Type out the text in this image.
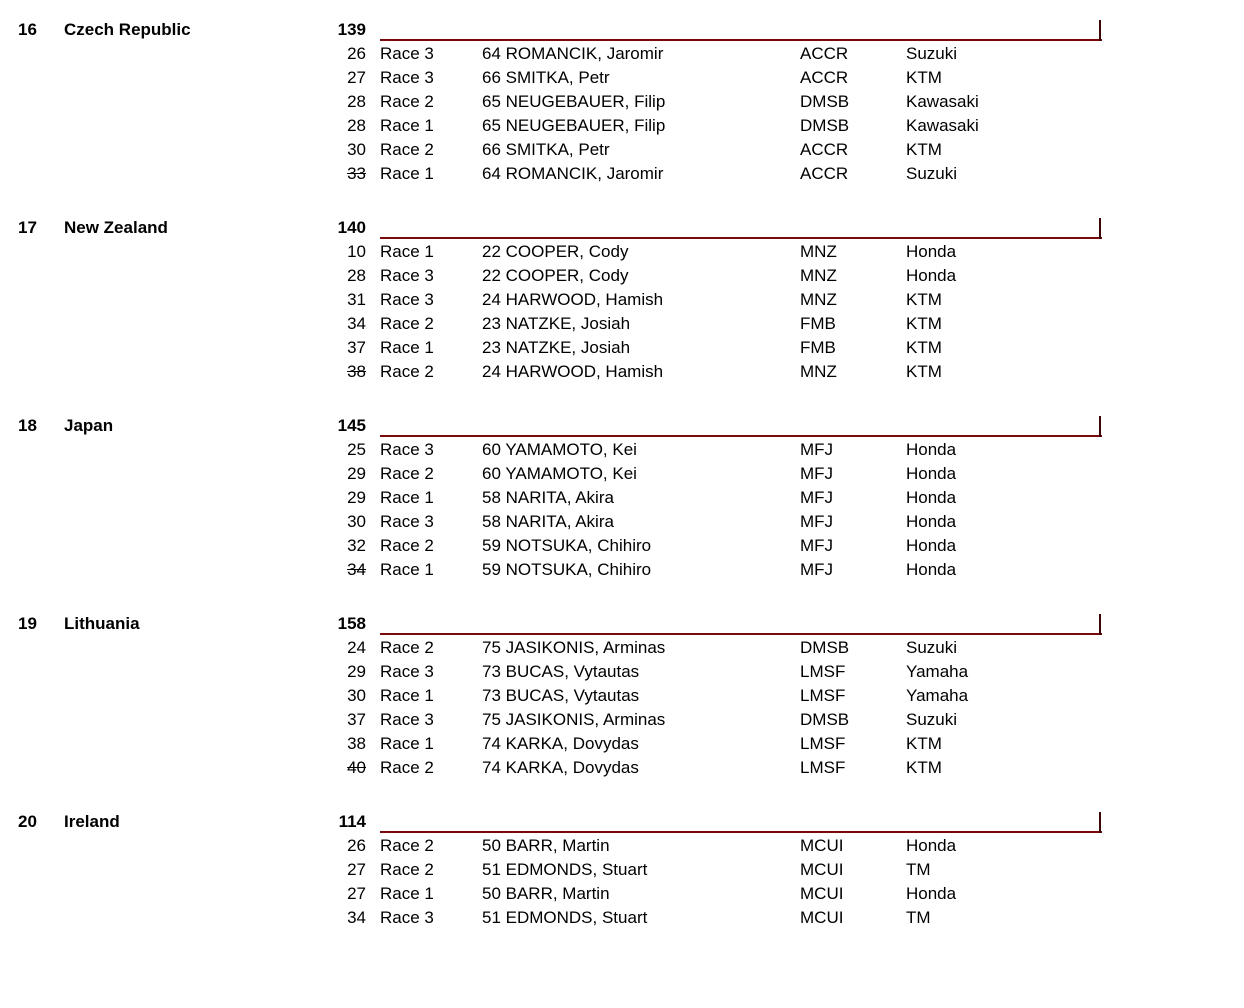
16 Czech Republic	139
26 Race 3	64 ROMANCIK, Jaromir	ACCR	Suzuki
27 Race 3	66 SMITKA, Petr	ACCR	KTM
28 Race 2	65 NEUGEBAUER, Filip	DMSB	Kawasaki
28 Race 1	65 NEUGEBAUER, Filip	DMSB	Kawasaki
30 Race 2	66 SMITKA, Petr	ACCR	KTM
33 Race 1	64 ROMANCIK, Jaromir	ACCR	Suzuki
17 New Zealand	140
10 Race 1	22 COOPER, Cody	MNZ	Honda
28 Race 3	22 COOPER, Cody	MNZ	Honda
31 Race 3	24 HARWOOD, Hamish	MNZ	KTM
34 Race 2	23 NATZKE, Josiah	FMB	KTM
37 Race 1	23 NATZKE, Josiah	FMB	KTM
38 Race 2	24 HARWOOD, Hamish	MNZ	KTM
18 Japan	145
25 Race 3	60 YAMAMOTO, Kei	MFJ	Honda
29 Race 2	60 YAMAMOTO, Kei	MFJ	Honda
29 Race 1	58 NARITA, Akira	MFJ	Honda
30 Race 3	58 NARITA, Akira	MFJ	Honda
32 Race 2	59 NOTSUKA, Chihiro	MFJ	Honda
34 Race 1	59 NOTSUKA, Chihiro	MFJ	Honda
19 Lithuania	158
24 Race 2	75 JASIKONIS, Arminas	DMSB	Suzuki
29 Race 3	73 BUCAS, Vytautas	LMSF	Yamaha
30 Race 1	73 BUCAS, Vytautas	LMSF	Yamaha
37 Race 3	75 JASIKONIS, Arminas	DMSB	Suzuki
38 Race 1	74 KARKA, Dovydas	LMSF	KTM
40 Race 2	74 KARKA, Dovydas	LMSF	KTM
20 Ireland	114
26 Race 2	50 BARR, Martin	MCUI	Honda
27 Race 2	51 EDMONDS, Stuart	MCUI	TM
27 Race 1	50 BARR, Martin	MCUI	Honda
34 Race 3	51 EDMONDS, Stuart	MCUI	TM
